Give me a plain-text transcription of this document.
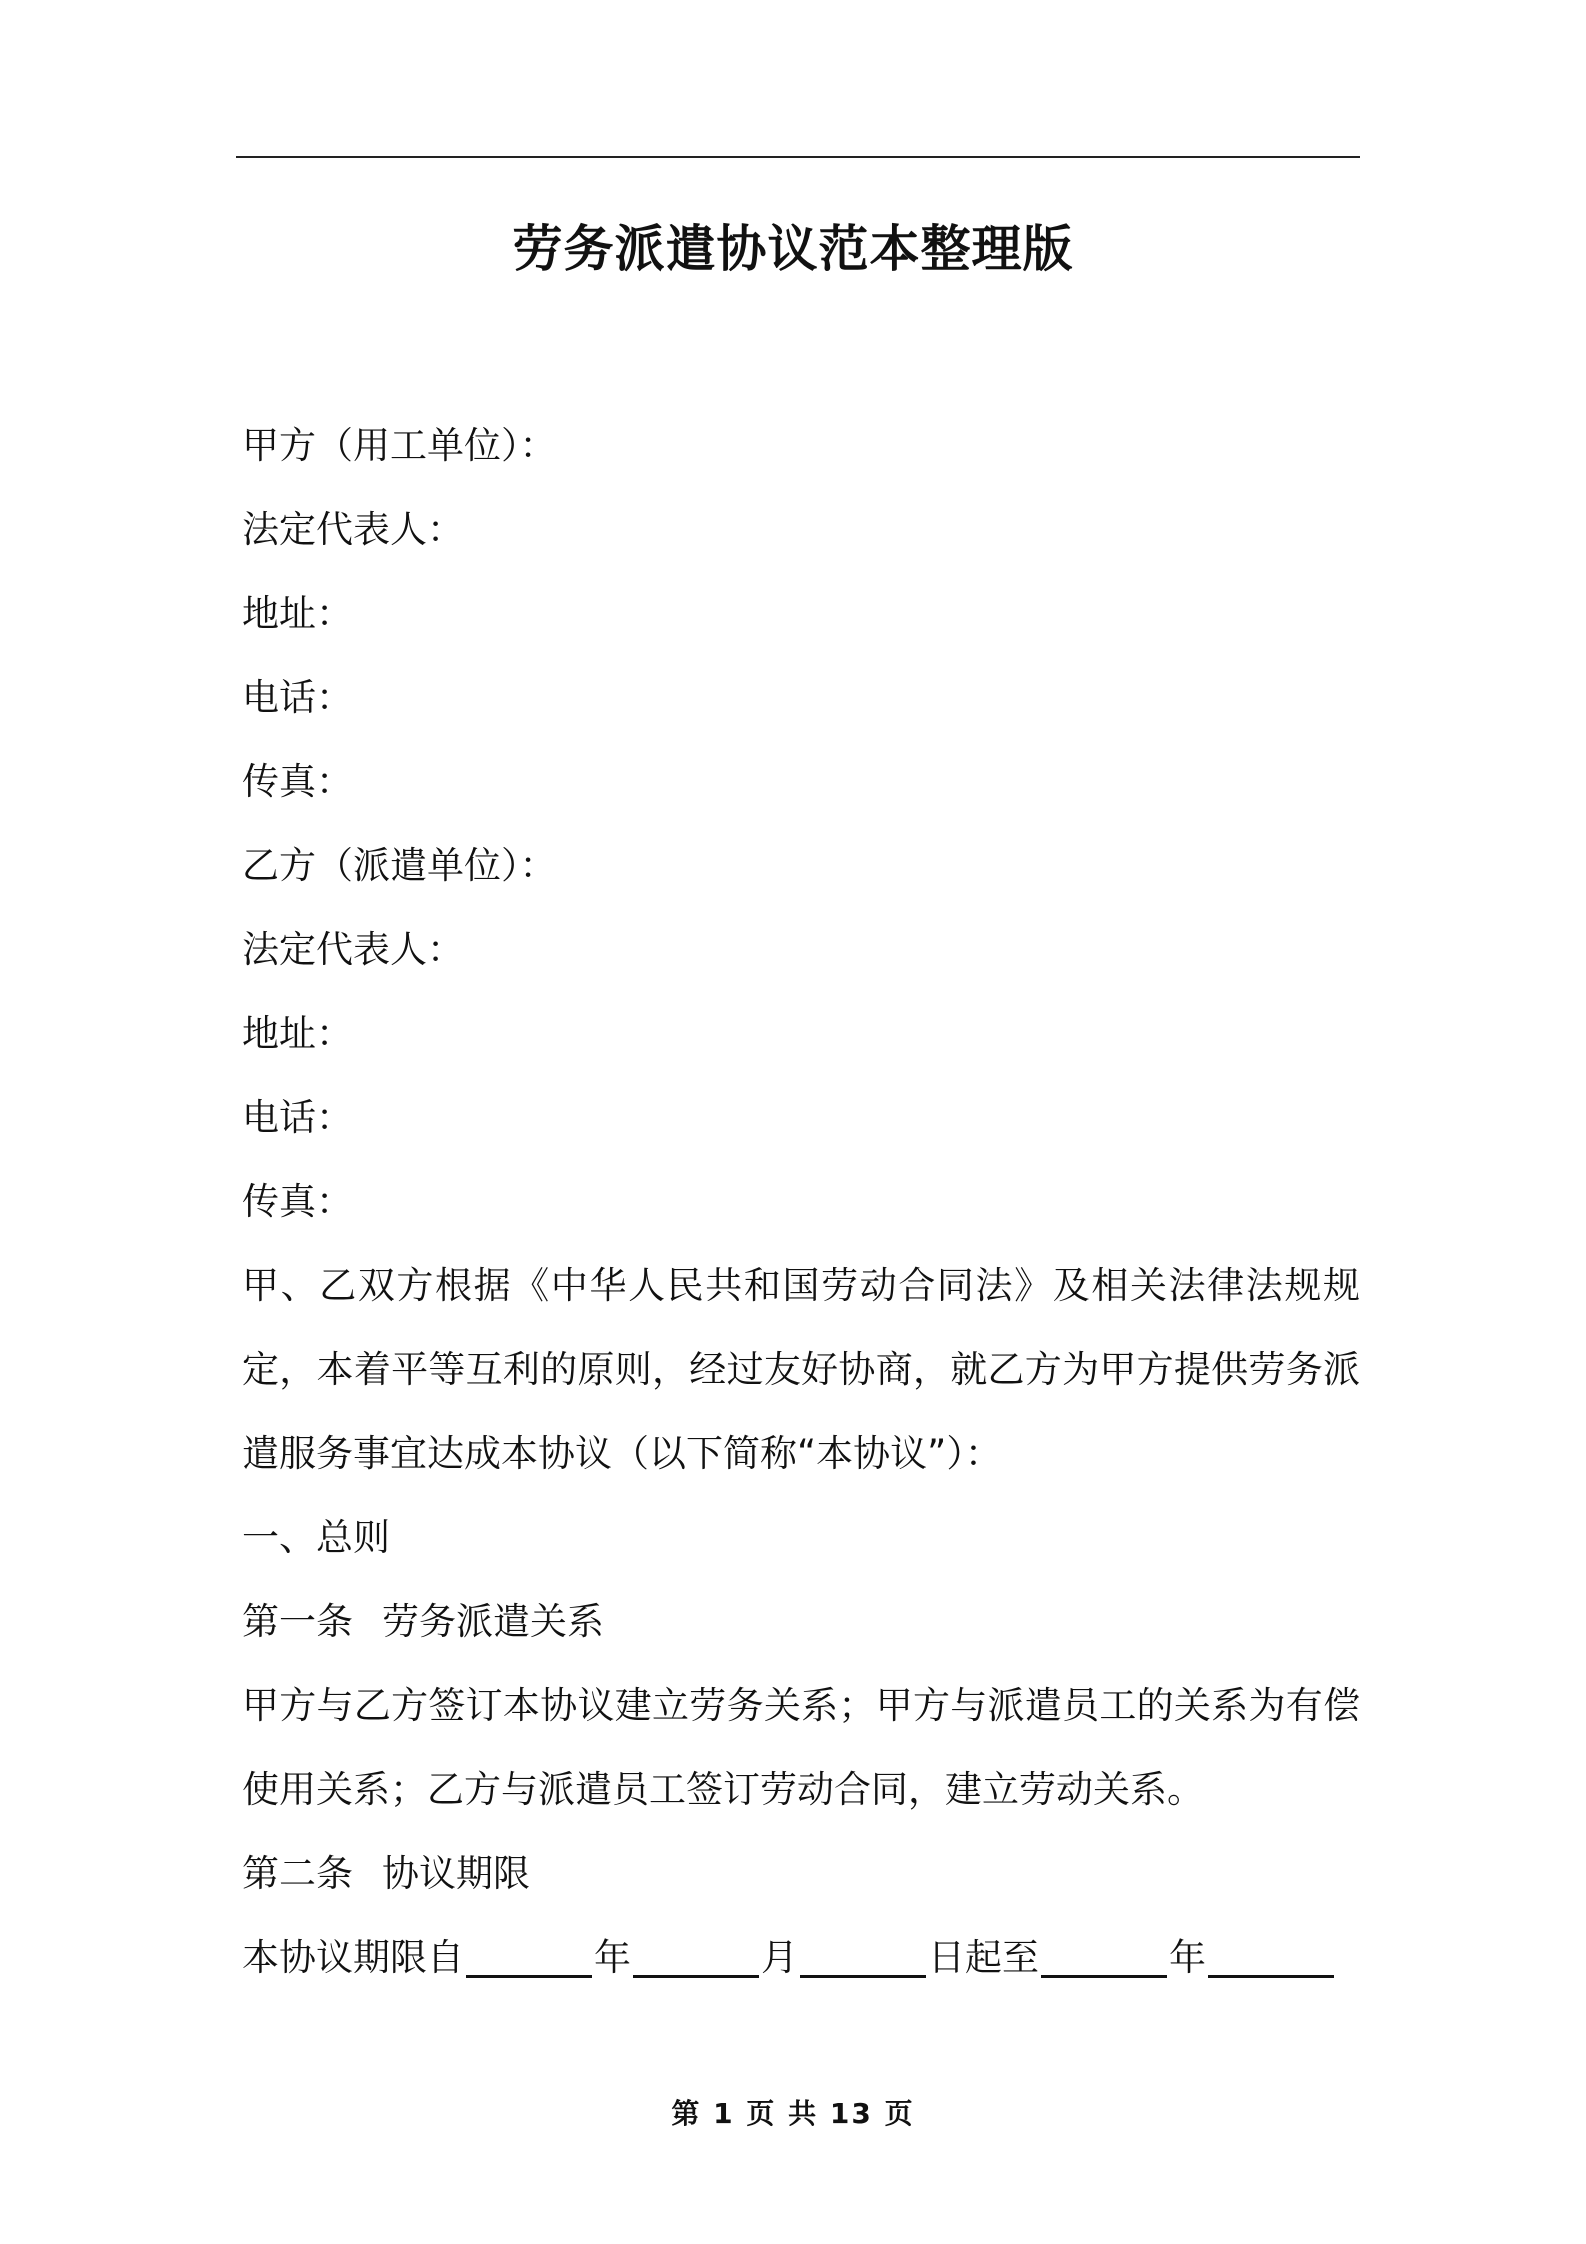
劳务派遣协议范本整理版
甲方（用工单位）：
法定代表人：
地址：
电话：
传真：
乙方（派遣单位）：
法定代表人：
地址：
电话：
传真：
甲、乙双方根据《中华人民共和国劳动合同法》及相关法律法规规定，本着平等互利的原则，经过友好协商，就乙方为甲方提供劳务派遣服务事宜达成本协议（以下简称“本协议”）：
一、总则
第一条 劳务派遣关系
甲方与乙方签订本协议建立劳务关系；甲方与派遣员工的关系为有偿使用关系；乙方与派遣员工签订劳动合同，建立劳动关系。
第二条 协议期限
本协议期限自	年	月	日起至	年
第 1 页 共 13 页
